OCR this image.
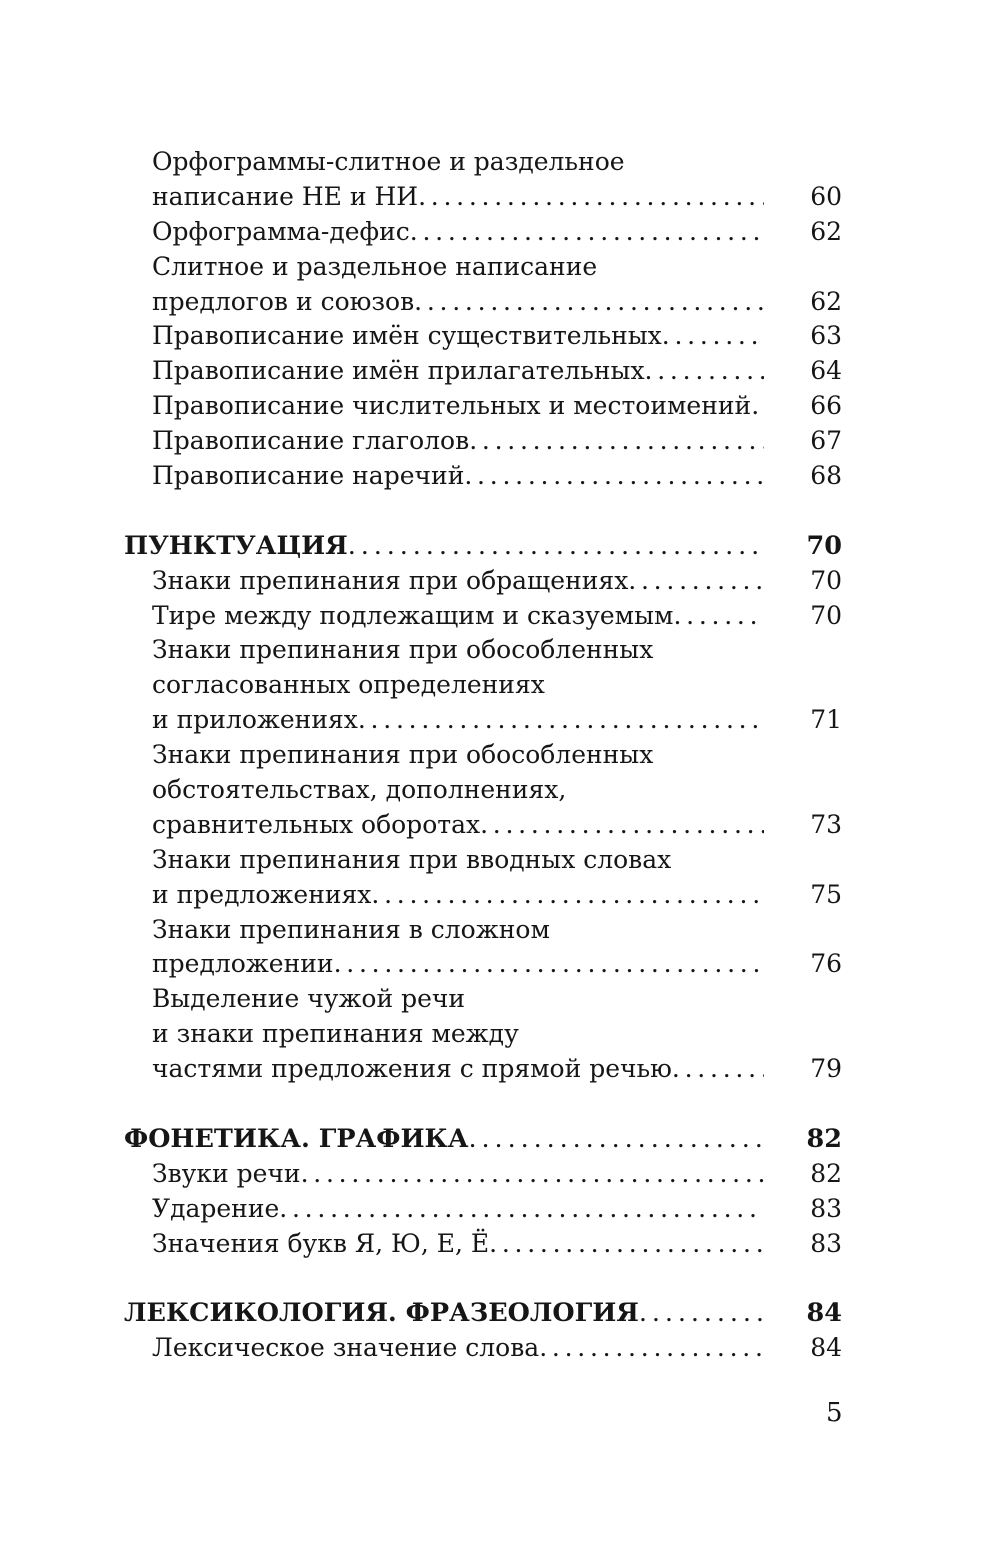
Орфограммы-слитное и раздельное
написание НЕ и НИ . . .	60
Орфограмма-дефис . . .	62
Слитное и раздельное написание
предлогов и союзов . . .	62
Правописание имён существительных . . .	63
Правописание имён прилагательных . . .	64
Правописание числительных и местоимений . . . 66
Правописание глаголов . . .	67
Правописание наречий . . .	68
ПУНКТУАЦИЯ . . .	70
Знаки препинания при обращениях . . .	70
Тире между подлежащим и сказуемым . . .	70
Знаки препинания при обособленных
согласованных определениях
и приложениях . . .	71
Знаки препинания при обособленных
обстоятельствах, дополнениях,
сравнительных оборотах . . .	73
Знаки препинания при вводных словах
и предложениях . . .	75
Знаки препинания в сложном
предложении . . .	76
Выделение чужой речи
и знаки препинания между
частями предложения с прямой речью . . .	79
ФОНЕТИКА. ГРАФИКА . . .	82
Звуки речи . . .	82
Ударение . . .	83
Значения букв Я, Ю, Е, Ё . . .	83
ЛЕКСИКОЛОГИЯ. ФРАЗЕОЛОГИЯ . . .	84
Лексическое значение слова . . .	84
5
